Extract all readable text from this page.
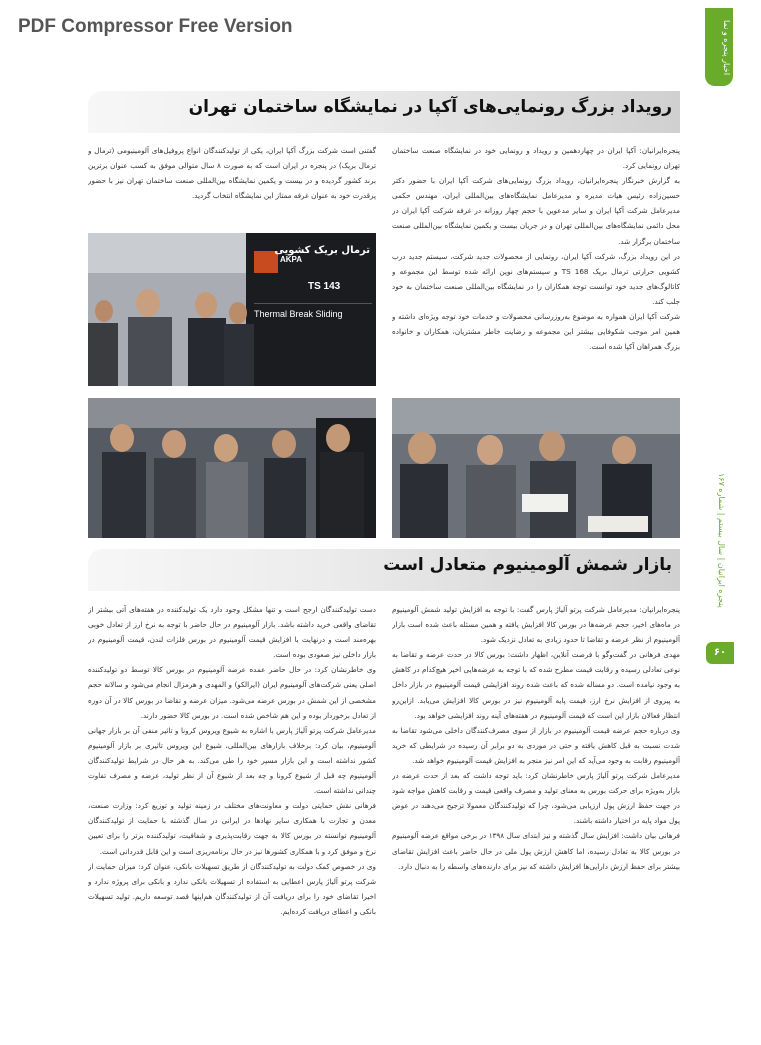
PDF Compressor Free Version	اخبار پنجره و نما
پنجره ایرانیان | سال بیستم | شماره ۱۶۷
۶۰
رویداد بزرگ رونمایی‌های آکپا در نمایشگاه ساختمان تهران

پنجره‌ایرانیان: آکپا ایران در چهاردهمین و رویداد و رونمایی خود در نمایشگاه صنعت ساختمان تهران رونمایی کرد.

به گزارش خبرنگار پنجره‌ایرانیان، رویداد بزرگ رونمایی‌های شرکت آکپا ایران با حضور دکتر حسین‌زاده رئیس هیات مدیره و مدیرعامل نمایشگاه‌های بین‌المللی ایران، مهندس حکمی مدیرعامل شرکت آکپا ایران و سایر مدعوین با حجم چهار روزانه در غرفه شرکت آکپا ایران در محل دائمی نمایشگاه‌های بین‌المللی تهران و در جریان بیست و یکمین نمایشگاه بین‌المللی صنعت ساختمان برگزار شد.

در این رویداد بزرگ، شرکت آکپا ایران، رونمایی از محصولات جدید شرکت، سیستم جدید درب کشویی حرارتی ترمال بریک TS 168 و سیستم‌های نوین ارائه شده توسط این مجموعه و کاتالوگ‌های جدید خود توانست توجه همکاران را در نمایشگاه بین‌المللی صنعت ساختمان به خود جلب کند.

شرکت آکپا ایران همواره به موضوع به‌روزرسانی محصولات و خدمات خود توجه ویژه‌ای داشته و همین امر موجب شکوفایی بیشتر این مجموعه و رضایت خاطر مشتریان، همکاران و خانواده بزرگ همراهان آکپا شده است.

گفتنی است شرکت بزرگ آکپا ایران، یکی از تولیدکنندگان انواع پروفیل‌های آلومینیومی (ترمال و ترمال بریک) در پنجره در ایران است که به صورت ۸ سال متوالی موفق به کسب عنوان برترین برند کشور گردیده و در بیست و یکمین نمایشگاه بین‌المللی صنعت ساختمان تهران نیز با حضور پرقدرت خود به عنوان غرفه ممتاز این نمایشگاه انتخاب گردید.

AKPA
TS 143
ترمال بریک کشویی
Thermal Break Sliding
بازار شمش آلومینیوم متعادل است

پنجره‌ایرانیان: مدیرعامل شرکت پرتو آلیاژ پارس گفت: با توجه به افزایش تولید شمش آلومینیوم در ماه‌های اخیر، حجم عرضه‌ها در بورس کالا افزایش یافته و همین مسئله باعث شده است بازار آلومینیوم از نظر عرضه و تقاضا تا حدود زیادی به تعادل نزدیک شود.

مهدی فرهانی در گفت‌وگو با فرصت آنلاین، اظهار داشت: بورس کالا در حدت عرضه و تقاضا به نوعی تعادلی رسیده و رقابت قیمت مطرح شده که با توجه به عرضه‌هایی اخیر هیچ‌کدام در کاهش به وجود نیامده است. دو مساله شده که باعث شده روند افزایشی قیمت آلومینیوم در بازار داخل به پیروی از افزایش نرخ ارز، قیمت پایه آلومینیوم نیز در بورس کالا افزایش می‌یابد. ازاین‌رو انتظار فعالان بازار این است که قیمت آلومینیوم در هفته‌های آینه روند افزایشی خواهد بود.

وی درباره حجم عرضه قیمت آلومینیوم در بازار از سوی مصرف‌کنندگان داخلی می‌شود تقاضا به شدت نسبت به قبل کاهش یافته و حتی در موردی به دو برابر آن رسیده در شرایطی که خرید آلومینیوم رقابت به وجود می‌آید که این امر نیز منجر به افزایش قیمت آلومینیوم خواهد شد.

مدیرعامل شرکت پرتو آلیاژ پارس خاطرنشان کرد: باید توجه داشت که بعد از حدت عرضه در بازار به‌ویژه برای حرکت بورس به معنای تولید و مصرف واقعی قیمت و رقابت کاهش مواجه شود در جهت حفظ ارزش پول ارزیابی می‌شود، چرا که تولیدکنندگان معمولا ترجیح می‌دهند در عوض پول مواد پایه در اختیار داشته باشند.

فرهانی بیان داشت: افزایش سال گذشته و نیز ابتدای سال ۱۳۹۸ در برخی مواقع عرضه آلومینیوم در بورس کالا به تعادل رسیده، اما کاهش ارزش پول ملی در حال حاضر باعث افزایش تقاضای بیشتر برای حفظ ارزش دارایی‌ها افزایش داشته که نیز برای دارنده‌های واسطه را به دنبال دارد.

دست تولیدکنندگان ارجح است و تنها مشکل وجود دارد یک تولیدکننده در هفته‌های آتی بیشتر از تقاضای واقعی خرید داشته باشد. بازار آلومینیوم در حال حاضر با توجه به نرخ ارز از تعادل خوبی بهره‌مند است و درنهایت با افزایش قیمت آلومینیوم در بورس فلزات لندن، قیمت آلومینیوم در بازار داخلی نیز صعودی بوده است.

وی خاطرنشان کرد: در حال حاضر عمده عرضه آلومینیوم در بورس کالا توسط دو تولیدکننده اصلی یعنی شرکت‌های آلومینیوم ایران (ایرالکو) و المهدی و هرمزال انجام می‌شود و سالانه حجم مشخصی از این شمش در بورس عرضه می‌شود. میزان عرضه و تقاضا در بورس کالا در آن دوره از تعادل برخوردار بوده و این هم شاخص شده است. در بورس کالا حضور دارند.

مدیرعامل شرکت پرتو آلیاژ پارس با اشاره به شیوع ویروس کرونا و تاثیر منفی آن بر بازار جهانی آلومینیوم، بیان کرد: برخلاف بازارهای بین‌المللی، شیوع این ویروس تاثیری بر بازار آلومینیوم کشور نداشته است و این بازار مسیر خود را طی می‌کند. به هر حال در شرایط تولیدکنندگان آلومینیوم چه قبل از شیوع کرونا و چه بعد از شیوع آن از نظر تولید، عرضه و مصرف تفاوت چندانی نداشته است.

فرهانی نقش حمایتی دولت و معاونت‌های مختلف در زمینه تولید و توزیع کرد: وزارت صنعت، معدن و تجارت با همکاری سایر نهادها در ایرانی در سال گذشته با حمایت از تولیدکنندگان آلومینیوم توانسته در بورس کالا به جهت رقابت‌پذیری و شفافیت، تولیدکننده برتر را برای تعیین نرخ و موفق کرد و با همکاری کشورها نیز در حال برنامه‌ریزی است و این قابل قدردانی است.

وی در خصوص کمک دولت به تولیدکنندگان از طریق تسهیلات بانکی، عنوان کرد: میزان حمایت از شرکت پرتو آلیاژ پارس اعطایی به استفاده از تسهیلات بانکی ندارد و بانکی برای پروژه ندارد و اخیرا تقاضای خود را برای دریافت آن از تولیدکنندگان هم‌اینها قصد توسعه داریم. تولید تسهیلات بانکی و اعطای دریافت کرده‌ایم.
